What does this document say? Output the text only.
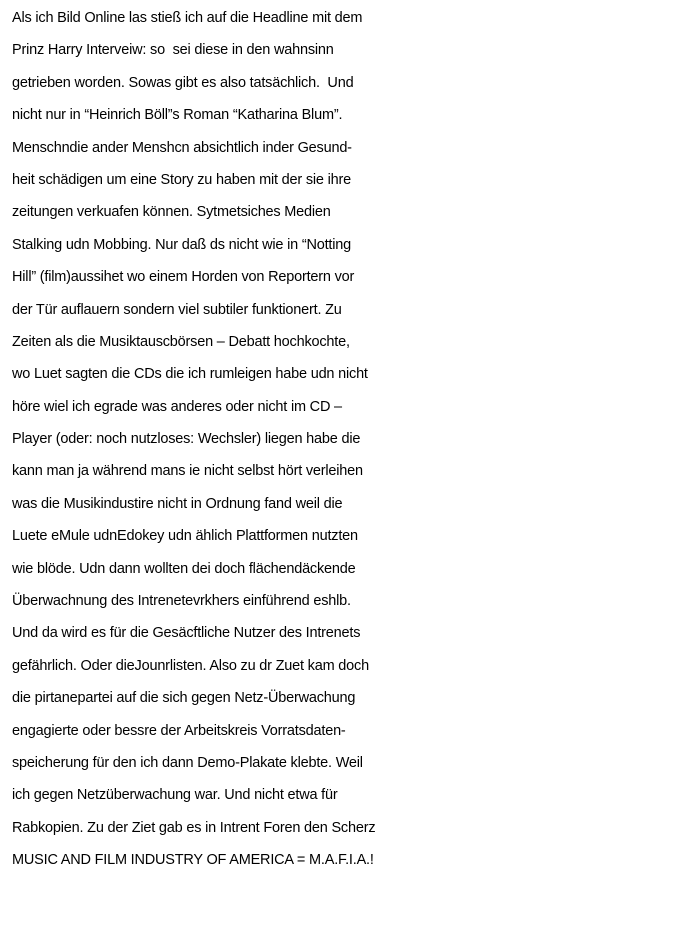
Als ich Bild Online las stieß ich auf die Headline mit dem
Prinz Harry Interveiw: so  sei diese in den wahnsinn
getrieben worden. Sowas gibt es also tatsächlich.  Und
nicht nur in “Heinrich Böll”s Roman “Katharina Blum”.
Menschndie ander Menshcn absichtlich inder Gesund-
heit schädigen um eine Story zu haben mit der sie ihre
zeitungen verkuafen können. Sytmetsiches Medien
Stalking udn Mobbing. Nur daß ds nicht wie in “Notting
Hill” (film)aussihet wo einem Horden von Reportern vor
der Tür auflauern sondern viel subtiler funktionert. Zu
Zeiten als die Musiktauscbörsen – Debatt hochkochte,
wo Luet sagten die CDs die ich rumleigen habe udn nicht
höre wiel ich egrade was anderes oder nicht im CD –
Player (oder: noch nutzloses: Wechsler) liegen habe die
kann man ja während mans ie nicht selbst hört verleihen
was die Musikindustire nicht in Ordnung fand weil die
Luete eMule udnEdokey udn ählich Plattformen nutzten
wie blöde. Udn dann wollten dei doch flächendäckende
Überwachnung des Intrenetevrkhers einführend eshlb.
Und da wird es für die Gesäcftliche Nutzer des Intrenets
gefährlich. Oder dieJounrlisten. Also zu dr Zuet kam doch
die pirtanepartei auf die sich gegen Netz-Überwachung
engagierte oder bessre der Arbeitskreis Vorratsdaten-
speicherung für den ich dann Demo-Plakate klebte. Weil
ich gegen Netzüberwachung war. Und nicht etwa für
Rabkopien. Zu der Ziet gab es in Intrent Foren den Scherz
MUSIC AND FILM INDUSTRY OF AMERICA = M.A.F.I.A.!
